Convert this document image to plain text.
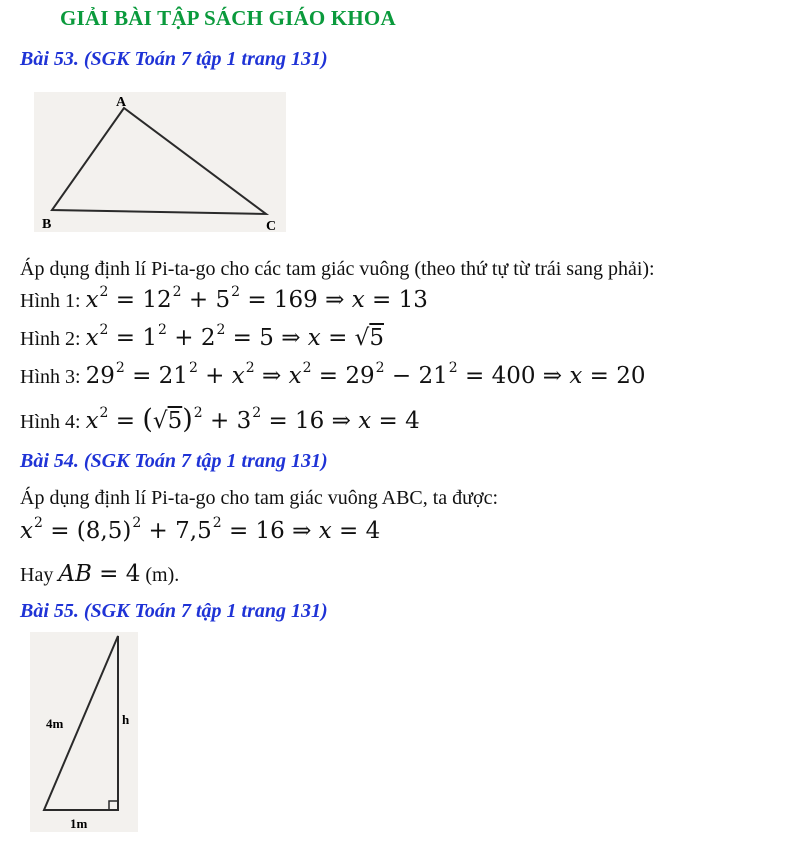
GIẢI BÀI TẬP SÁCH GIÁO KHOA
Bài 53. (SGK Toán 7 tập 1 trang 131)
A
B	C
Áp dụng định lí Pi-ta-go cho các tam giác vuông (theo thứ tự từ trái sang phải):
Hình 1: $x^2 = 12^2 + 5^2 = 169$ ⇒ x = 13
Hình 2: $x^2 = 1^2 + 2^2 = 5$ ⇒ x = √5
Hình 3: $29^2 = 21^2 + x^2$ ⇒ $x^2 = 29^2 - 21^2 = 400$ ⇒ x = 20
Hình 4: $x^2 = (√5)^2 + 3^2 = 16$ ⇒ x = 4
Bài 54. (SGK Toán 7 tập 1 trang 131)
Áp dụng định lí Pi-ta-go cho tam giác vuông ABC, ta được:
$x^2 = (8,5)^2 + 7,5^2 = 16$ ⇒ x = 4
Hay AB = 4 (m).
Bài 55. (SGK Toán 7 tập 1 trang 131)
4m	h
1m
